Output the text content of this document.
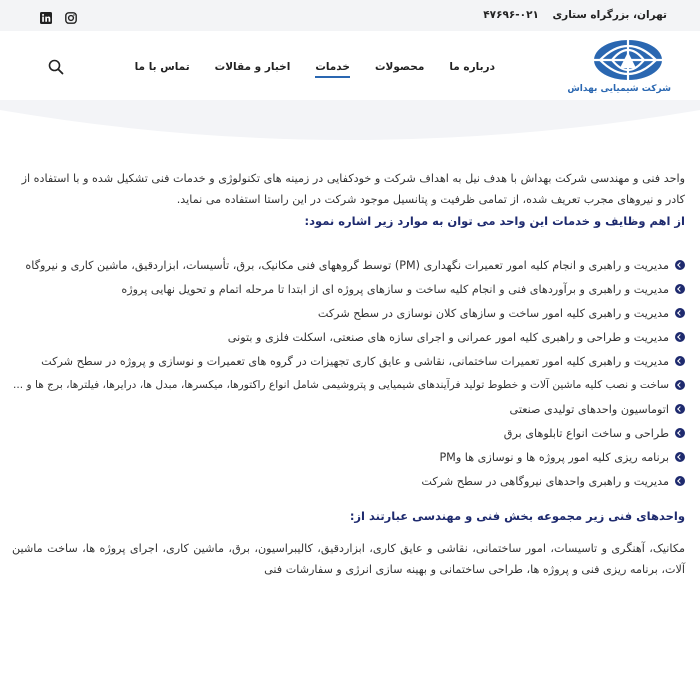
تهران، بزرگراه ستاری ۰۲۱-۴۷۶۹۶
شرکت شیمیایی بهداش
درباره ما
محصولات
خدمات
اخبار و مقالات
تماس با ما

واحد فنی و مهندسی شرکت بهداش با هدف نیل به اهداف شرکت و خودکفایی در زمینه های تکنولوژی و خدمات فنی تشکیل شده و با استفاده از کادر و نیروهای مجرب تعریف شده، از تمامی ظرفیت و پتانسیل موجود شرکت در این راستا استفاده می نماید.

از اهم وظایف و خدمات این واحد می توان به موارد زیر اشاره نمود:

مدیریت و راهبری و انجام کلیه امور تعمیرات نگهداری (PM) توسط گروههای فنی مکانیک، برق، تأسیسات، ابزاردقیق، ماشین کاری و نیروگاه
مدیریت و راهبری و برآوردهای فنی و انجام کلیه ساخت و سازهای پروژه ای از ابتدا تا مرحله اتمام و تحویل نهایی پروژه
مدیریت و راهبری کلیه امور ساخت و سازهای کلان نوسازی در سطح شرکت
مدیریت و طراحی و راهبری کلیه امور عمرانی و اجرای سازه های صنعتی، اسکلت فلزی و بتونی
مدیریت و راهبری کلیه امور تعمیرات ساختمانی، نقاشی و عایق کاری تجهیزات در گروه های تعمیرات و نوسازی و پروژه در سطح شرکت
ساخت و نصب کلیه ماشین آلات و خطوط تولید فرآیندهای شیمیایی و پتروشیمی شامل انواع راکتورها، میکسرها، مبدل ها، درایرها، فیلترها، برج ها و ...
اتوماسیون واحدهای تولیدی صنعتی
طراحی و ساخت انواع تابلوهای برق
برنامه ریزی کلیه امور پروژه ها و نوسازی ها وPM
مدیریت و راهبری واحدهای نیروگاهی در سطح شرکت

واحدهای فنی زیر مجموعه بخش فنی و مهندسی عبارتند از:

مکانیک، آهنگری و تاسیسات، امور ساختمانی، نقاشی و عایق کاری، ابزاردقیق، کالیبراسیون، برق، ماشین کاری، اجرای پروژه ها، ساخت ماشین آلات، برنامه ریزی فنی و پروژه ها، طراحی ساختمانی و بهینه سازی انرژی و سفارشات فنی
